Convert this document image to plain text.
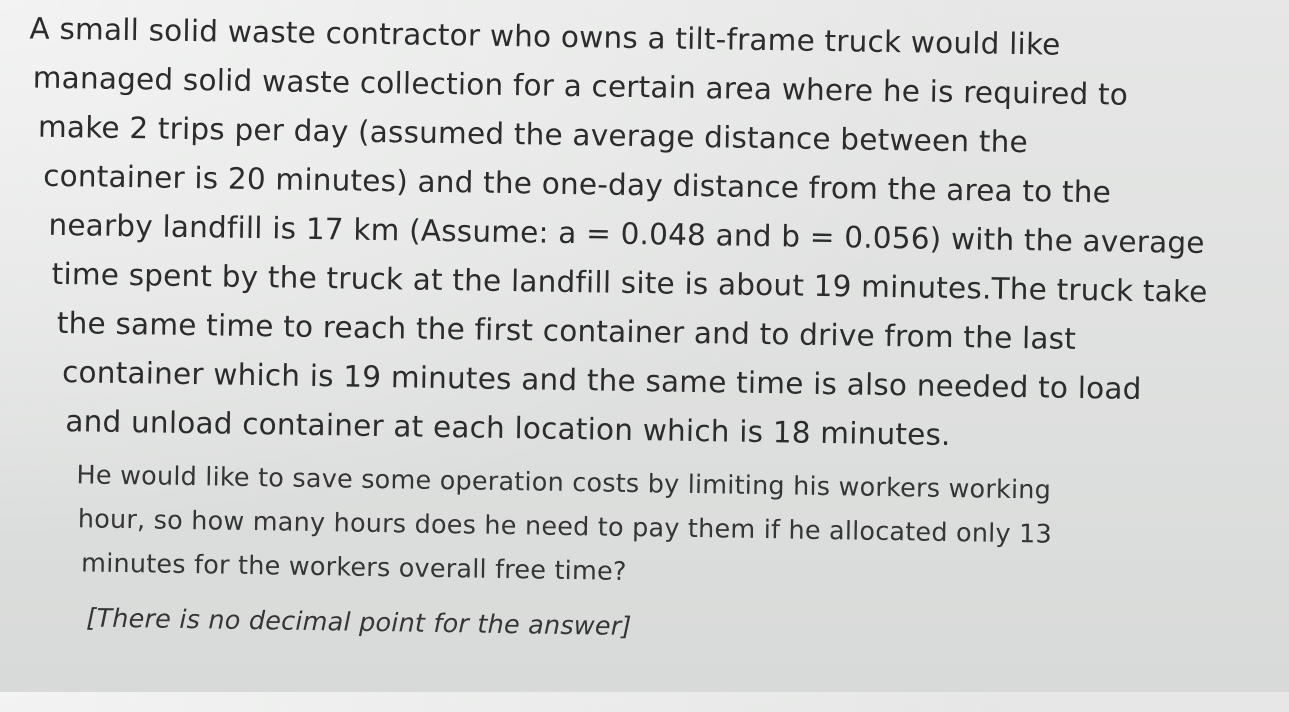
A small solid waste contractor who owns a tilt-frame truck would like
managed solid waste collection for a certain area where he is required to
make 2 trips per day (assumed the average distance between the
container is 20 minutes) and the one-day distance from the area to the
nearby landfill is 17 km (Assume: a = 0.048 and b = 0.056) with the average
time spent by the truck at the landfill site is about 19 minutes.The truck take
the same time to reach the first container and to drive from the last
container which is 19 minutes and the same time is also needed to load
and unload container at each location which is 18 minutes.
He would like to save some operation costs by limiting his workers working
hour, so how many hours does he need to pay them if he allocated only 13
minutes for the workers overall free time?
[There is no decimal point for the answer]
